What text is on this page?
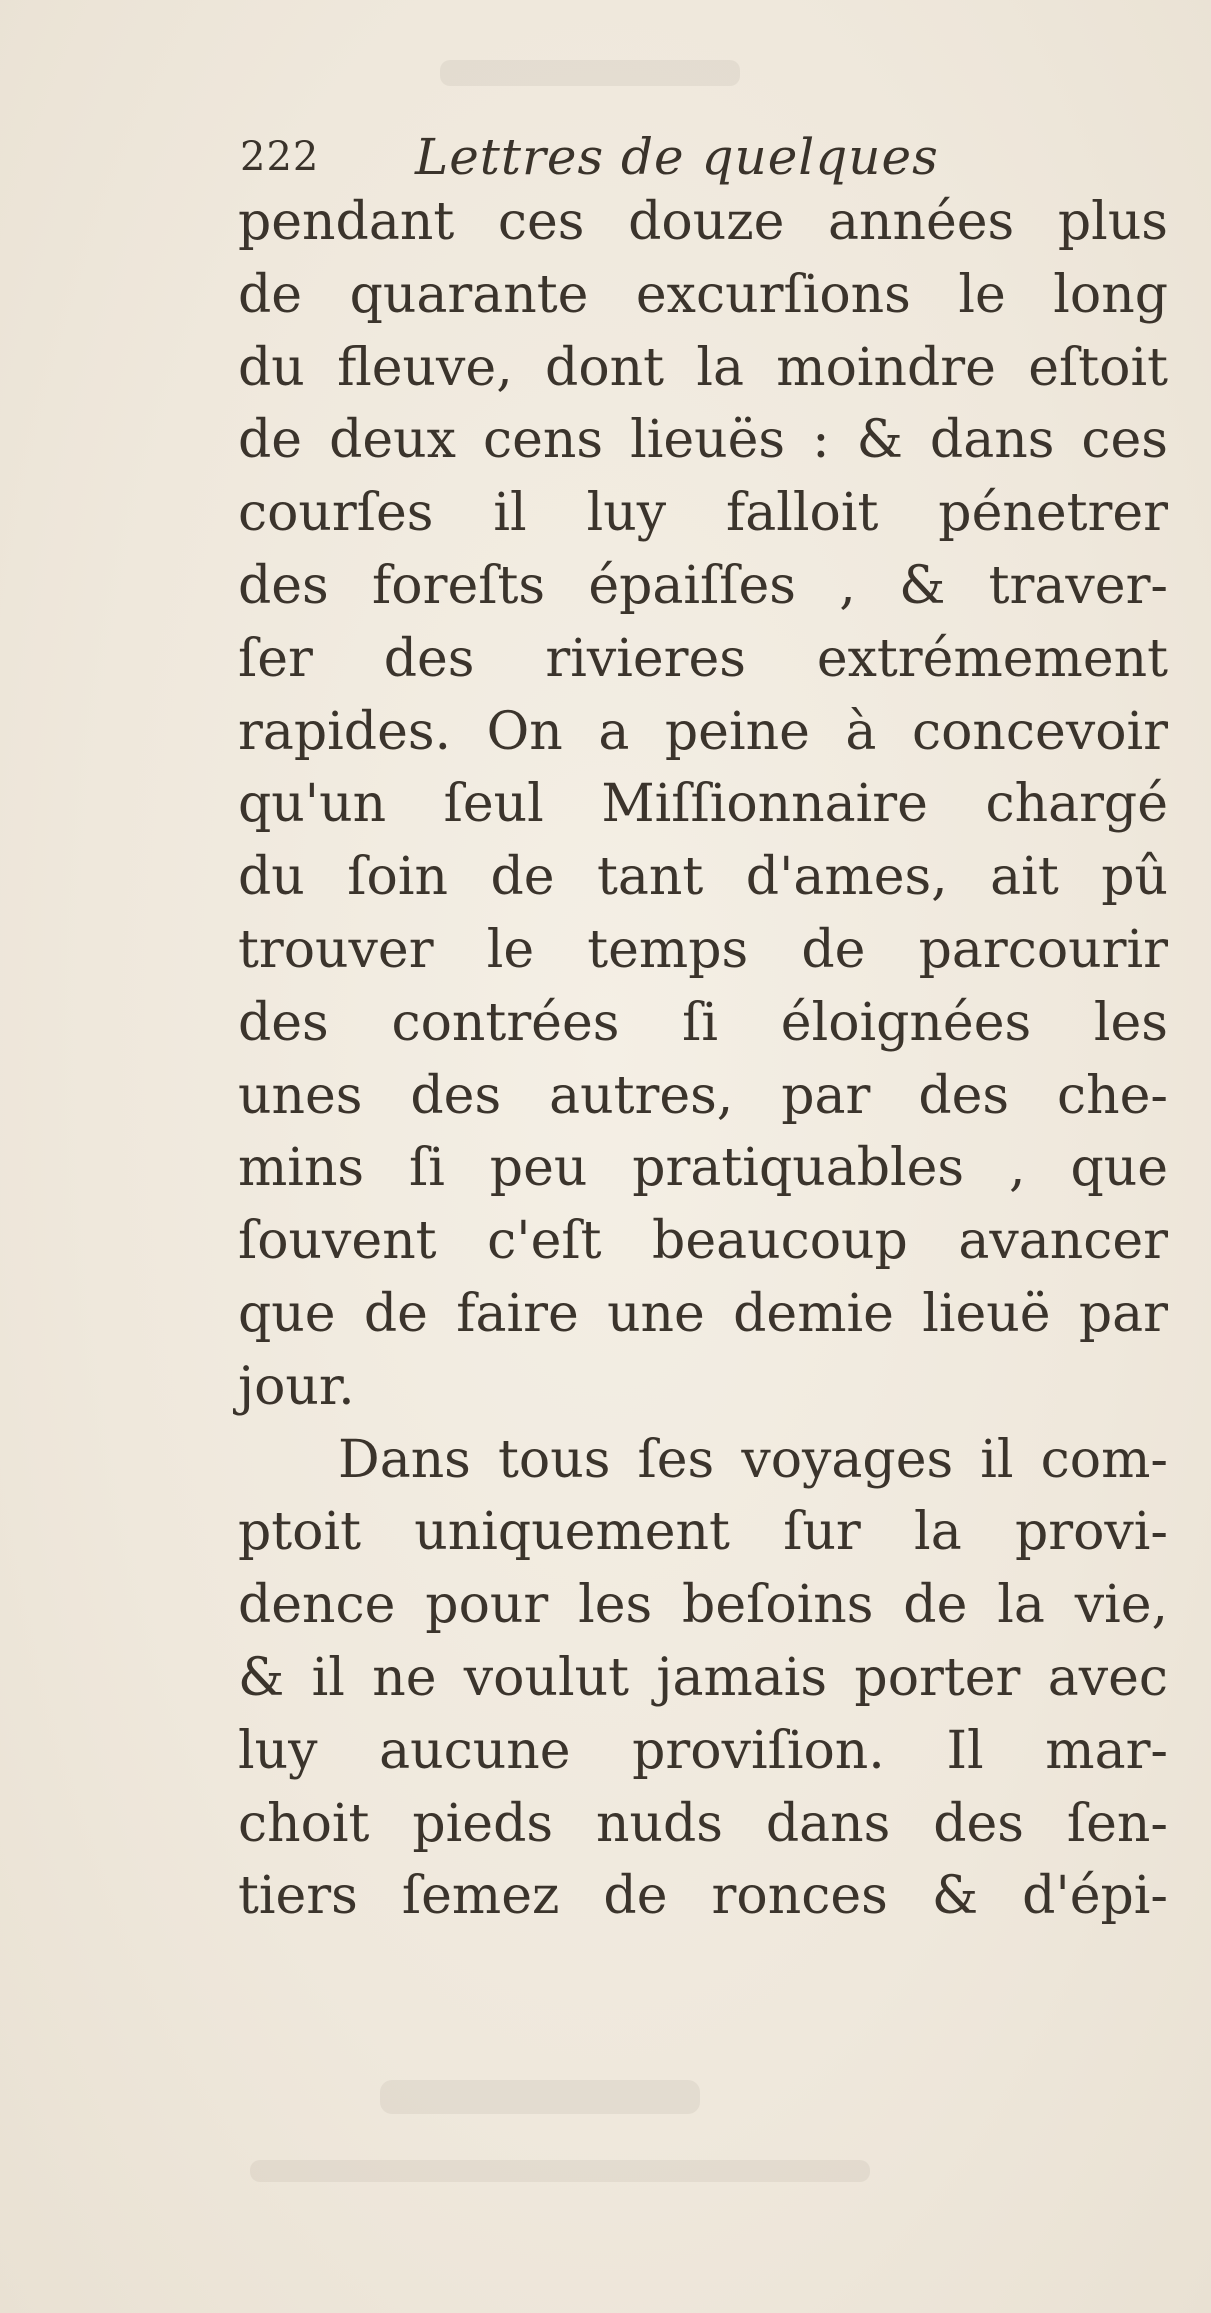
222 Lettres de quelques
pendant ces douze années plus
de quarante excurſions le long
du fleuve, dont la moindre eſtoit
de deux cens lieuës : & dans ces
courſes il luy falloit pénetrer
des foreſts épaiſſes , & traver-
ſer des rivieres extrémement
rapides. On a peine à concevoir
qu'un ſeul Miſſionnaire chargé
du ſoin de tant d'ames, ait pû
trouver le temps de parcourir
des contrées ſi éloignées les
unes des autres, par des che-
mins ſi peu pratiquables , que
ſouvent c'eſt beaucoup avancer
que de faire une demie lieuë par
jour.
Dans tous ſes voyages il com-
ptoit uniquement ſur la provi-
dence pour les beſoins de la vie,
& il ne voulut jamais porter avec
luy aucune proviſion. Il mar-
choit pieds nuds dans des ſen-
tiers ſemez de ronces & d'épi-
